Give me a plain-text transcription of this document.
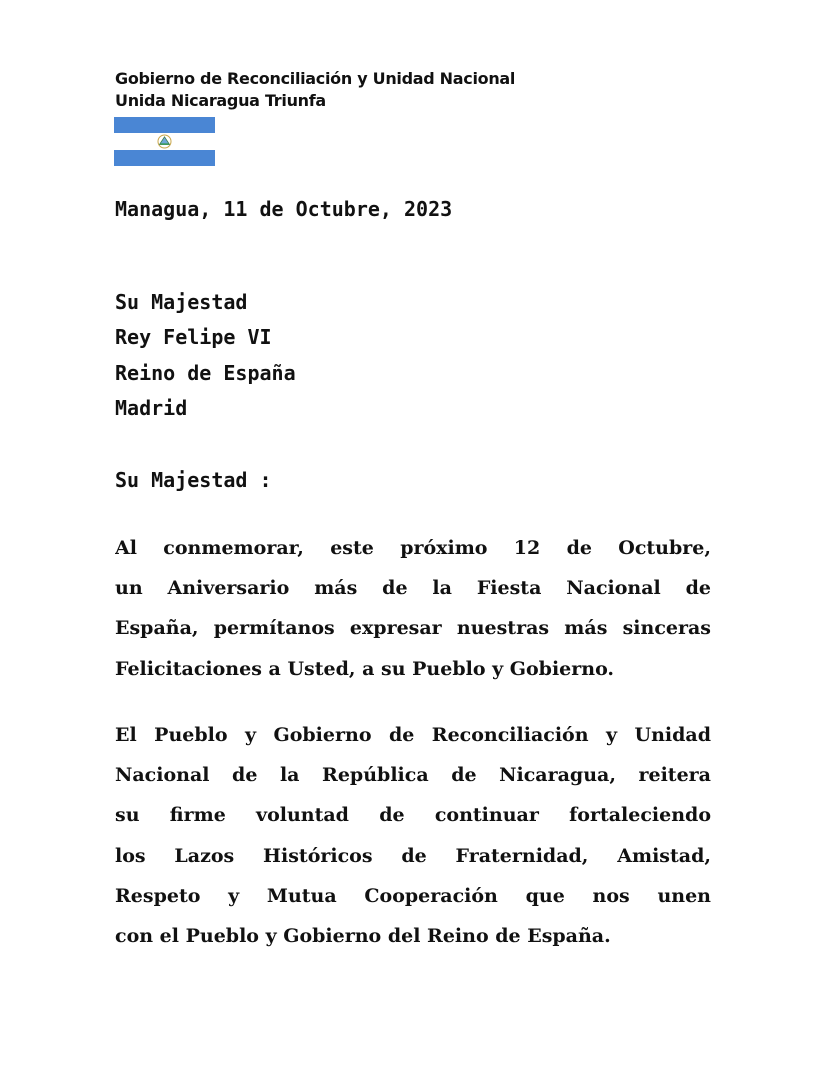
Gobierno de Reconciliación y Unidad Nacional
Unida Nicaragua Triunfa
Managua, 11 de Octubre, 2023
Su Majestad
Rey Felipe VI
Reino de España
Madrid
Su Majestad :
Al conmemorar, este próximo 12 de Octubre,
un Aniversario más de la Fiesta Nacional de
España, permítanos expresar nuestras más sinceras
Felicitaciones a Usted, a su Pueblo y Gobierno.
El Pueblo y Gobierno de Reconciliación y Unidad
Nacional de la República de Nicaragua, reitera
su firme voluntad de continuar fortaleciendo
los Lazos Históricos de Fraternidad, Amistad,
Respeto y Mutua Cooperación que nos unen
con el Pueblo y Gobierno del Reino de España.
